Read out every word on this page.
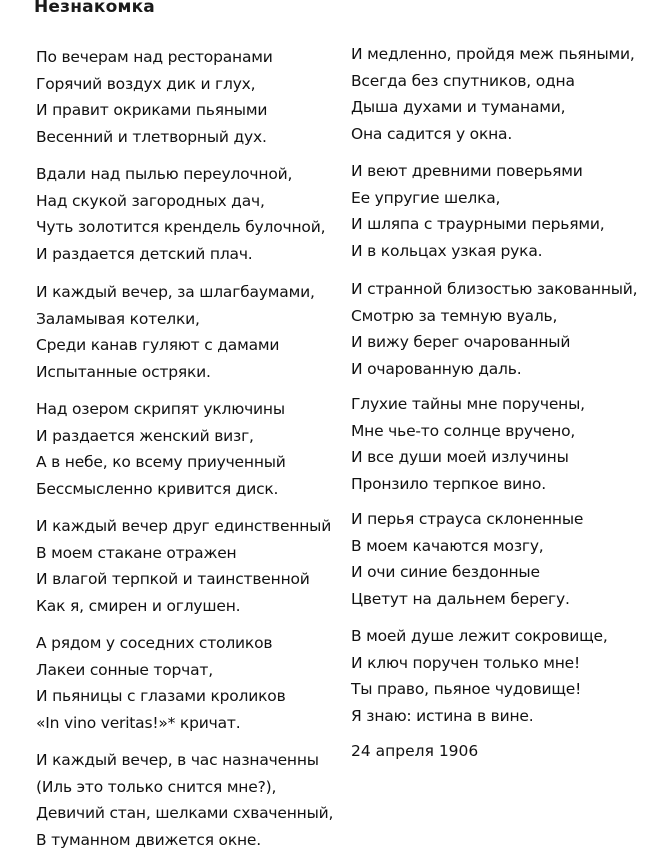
Незнакомка
По вечерам над ресторанами
Горячий воздух дик и глух,
И правит окриками пьяными
Весенний и тлетворный дух.
Вдали над пылью переулочной,
Над скукой загородных дач,
Чуть золотится крендель булочной,
И раздается детский плач.
И каждый вечер, за шлагбаумами,
Заламывая котелки,
Среди канав гуляют с дамами
Испытанные остряки.
Над озером скрипят уключины
И раздается женский визг,
А в небе, ко всему приученный
Бессмысленно кривится диск.
И каждый вечер друг единственный
В моем стакане отражен
И влагой терпкой и таинственной
Как я, смирен и оглушен.
А рядом у соседних столиков
Лакеи сонные торчат,
И пьяницы с глазами кроликов
«In vino veritas!»* кричат.
И каждый вечер, в час назначенны
(Иль это только снится мне?),
Девичий стан, шелками схваченный,
В туманном движется окне.
И медленно, пройдя меж пьяными,
Всегда без спутников, одна
Дыша духами и туманами,
Она садится у окна.
И веют древними поверьями
Ее упругие шелка,
И шляпа с траурными перьями,
И в кольцах узкая рука.
И странной близостью закованный,
Смотрю за темную вуаль,
И вижу берег очарованный
И очарованную даль.
Глухие тайны мне поручены,
Мне чье-то солнце вручено,
И все души моей излучины
Пронзило терпкое вино.
И перья страуса склоненные
В моем качаются мозгу,
И очи синие бездонные
Цветут на дальнем берегу.
В моей душе лежит сокровище,
И ключ поручен только мне!
Ты право, пьяное чудовище!
Я знаю: истина в вине.
24 апреля 1906
